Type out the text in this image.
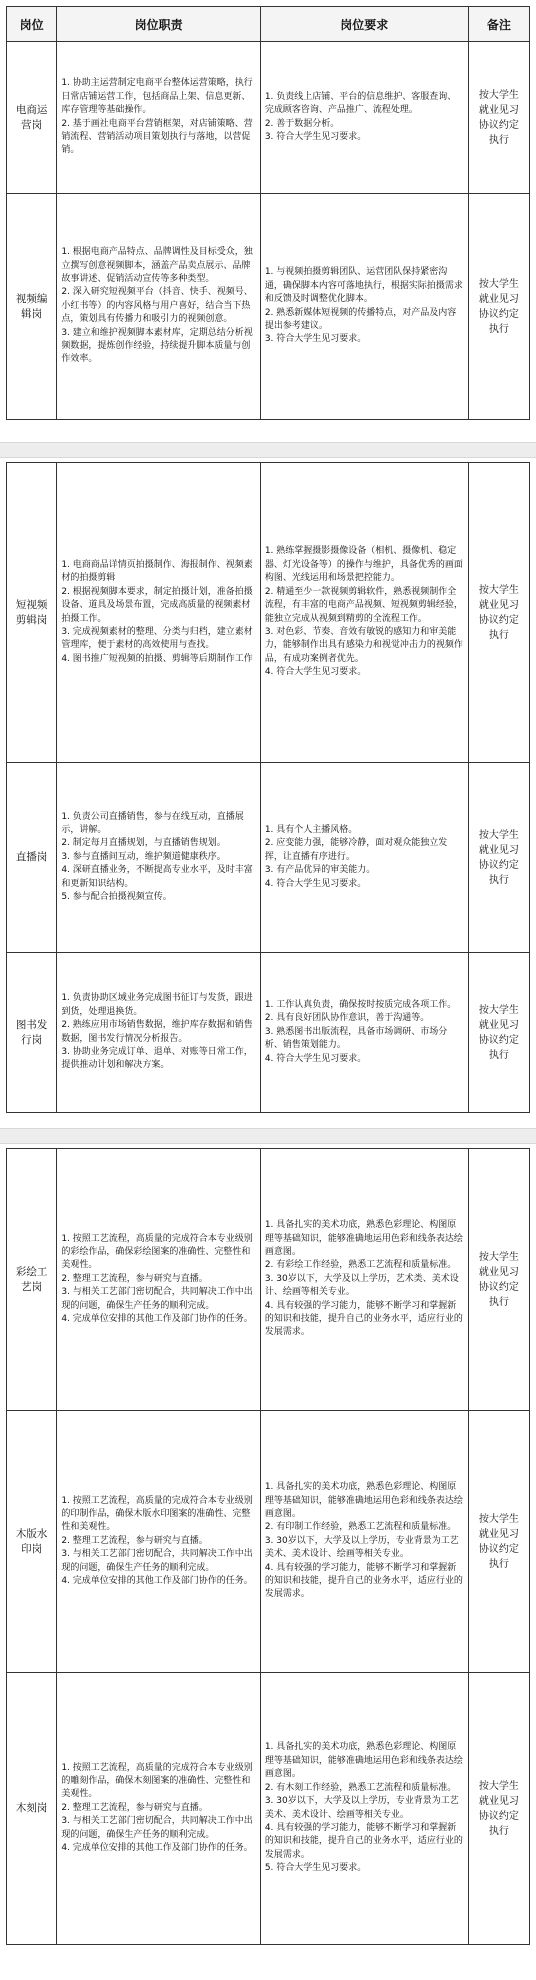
岗位	岗位职责	岗位要求	备注
电商运营岗	1. 协助主运营制定电商平台整体运营策略，执行日常店铺运营工作，包括商品上架、信息更新、库存管理等基础操作。
2. 基于画社电商平台营销框架，对店铺策略、营销流程、营销活动项目策划执行与落地，以营促销。	1. 负责线上店铺、平台的信息维护、客服查询、完成顾客咨询、产品推广、流程处理。
2. 善于数据分析。
3. 符合大学生见习要求。	按大学生
就业见习
协议约定
执行
视频编辑岗	1. 根据电商产品特点、品牌调性及目标受众，独立撰写创意视频脚本，涵盖产品卖点展示、品牌故事讲述、促销活动宣传等多种类型。
2. 深入研究短视频平台（抖音、快手、视频号、小红书等）的内容风格与用户喜好，结合当下热点，策划具有传播力和吸引力的视频创意。
3. 建立和维护视频脚本素材库，定期总结分析视频数据，提炼创作经验，持续提升脚本质量与创作效率。	1. 与视频拍摄剪辑团队、运营团队保持紧密沟通，确保脚本内容可落地执行，根据实际拍摄需求和反馈及时调整优化脚本。
2. 熟悉新媒体短视频的传播特点，对产品及内容提出参考建议。
3. 符合大学生见习要求。	按大学生
就业见习
协议约定
执行
短视频剪辑岗	1. 电商商品详情页拍摄制作、海报制作、视频素材的拍摄剪辑
2. 根据视频脚本要求，制定拍摄计划，准备拍摄设备、道具及场景布置，完成高质量的视频素材拍摄工作。
3. 完成视频素材的整理、分类与归档，建立素材管理库，便于素材的高效使用与查找。
4. 图书推广短视频的拍摄、剪辑等后期制作工作	1. 熟练掌握摄影摄像设备（相机、摄像机、稳定器、灯光设备等）的操作与维护，具备优秀的画面构图、光线运用和场景把控能力。
2. 精通至少一款视频剪辑软件，熟悉视频制作全流程，有丰富的电商产品视频、短视频剪辑经验，能独立完成从视频到精剪的全流程工作。
3. 对色彩、节奏、音效有敏锐的感知力和审美能力，能够制作出具有感染力和视觉冲击力的视频作品，有成功案例者优先。
4. 符合大学生见习要求。	按大学生
就业见习
协议约定
执行
直播岗	1. 负责公司直播销售，参与在线互动，直播展示，讲解。
2. 制定每月直播规划，与直播销售规划。
3. 参与直播间互动，维护频道健康秩序。
4. 深研直播业务，不断提高专业水平，及时丰富和更新知识结构。
5. 参与配合拍摄视频宣传。	1. 具有个人主播风格。
2. 应变能力强，能够冷静，面对观众能独立发挥，让直播有序进行。
3. 有产品优异的审美能力。
4. 符合大学生见习要求。	按大学生
就业见习
协议约定
执行
图书发行岗	1. 负责协助区域业务完成图书征订与发货，跟进到货，处理退换货。
2. 熟练应用市场销售数据，维护库存数据和销售数据，图书发行情况分析报告。
3. 协助业务完成订单、退单、对账等日常工作，提供推动计划和解决方案。	1. 工作认真负责，确保按时按质完成各项工作。
2. 具有良好团队协作意识，善于沟通等。
3. 熟悉图书出版流程，具备市场调研、市场分析、销售策划能力。
4. 符合大学生见习要求。	按大学生
就业见习
协议约定
执行
彩绘工艺岗	1. 按照工艺流程，高质量的完成符合本专业级别的彩绘作品，确保彩绘图案的准确性、完整性和美观性。
2. 整理工艺流程，参与研究与直播。
3. 与相关工艺部门密切配合，共同解决工作中出现的问题，确保生产任务的顺利完成。
4. 完成单位安排的其他工作及部门协作的任务。	1. 具备扎实的美术功底，熟悉色彩理论、构图原理等基础知识，能够准确地运用色彩和线条表达绘画意图。
2. 有彩绘工作经验，熟悉工艺流程和质量标准。
3. 30岁以下，大学及以上学历，艺术类、美术设计、绘画等相关专业。
4. 具有较强的学习能力，能够不断学习和掌握新的知识和技能，提升自己的业务水平，适应行业的发展需求。	按大学生
就业见习
协议约定
执行
木版水印岗	1. 按照工艺流程，高质量的完成符合本专业级别的印制作品，确保木版水印图案的准确性、完整性和美观性。
2. 整理工艺流程，参与研究与直播。
3. 与相关工艺部门密切配合，共同解决工作中出现的问题，确保生产任务的顺利完成。
4. 完成单位安排的其他工作及部门协作的任务。	1. 具备扎实的美术功底，熟悉色彩理论、构图原理等基础知识，能够准确地运用色彩和线条表达绘画意图。
2. 有印制工作经验，熟悉工艺流程和质量标准。
3. 30岁以下，大学及以上学历，专业背景为工艺美术、美术设计、绘画等相关专业。
4. 具有较强的学习能力，能够不断学习和掌握新的知识和技能，提升自己的业务水平，适应行业的发展需求。	按大学生
就业见习
协议约定
执行
木刻岗	1. 按照工艺流程，高质量的完成符合本专业级别的雕刻作品，确保木刻图案的准确性、完整性和美观性。
2. 整理工艺流程，参与研究与直播。
3. 与相关工艺部门密切配合，共同解决工作中出现的问题，确保生产任务的顺利完成。
4. 完成单位安排的其他工作及部门协作的任务。	1. 具备扎实的美术功底，熟悉色彩理论、构图原理等基础知识，能够准确地运用色彩和线条表达绘画意图。
2. 有木刻工作经验，熟悉工艺流程和质量标准。
3. 30岁以下，大学及以上学历，专业背景为工艺美术、美术设计、绘画等相关专业。
4. 具有较强的学习能力，能够不断学习和掌握新的知识和技能，提升自己的业务水平，适应行业的发展需求。
5. 符合大学生见习要求。	按大学生
就业见习
协议约定
执行
